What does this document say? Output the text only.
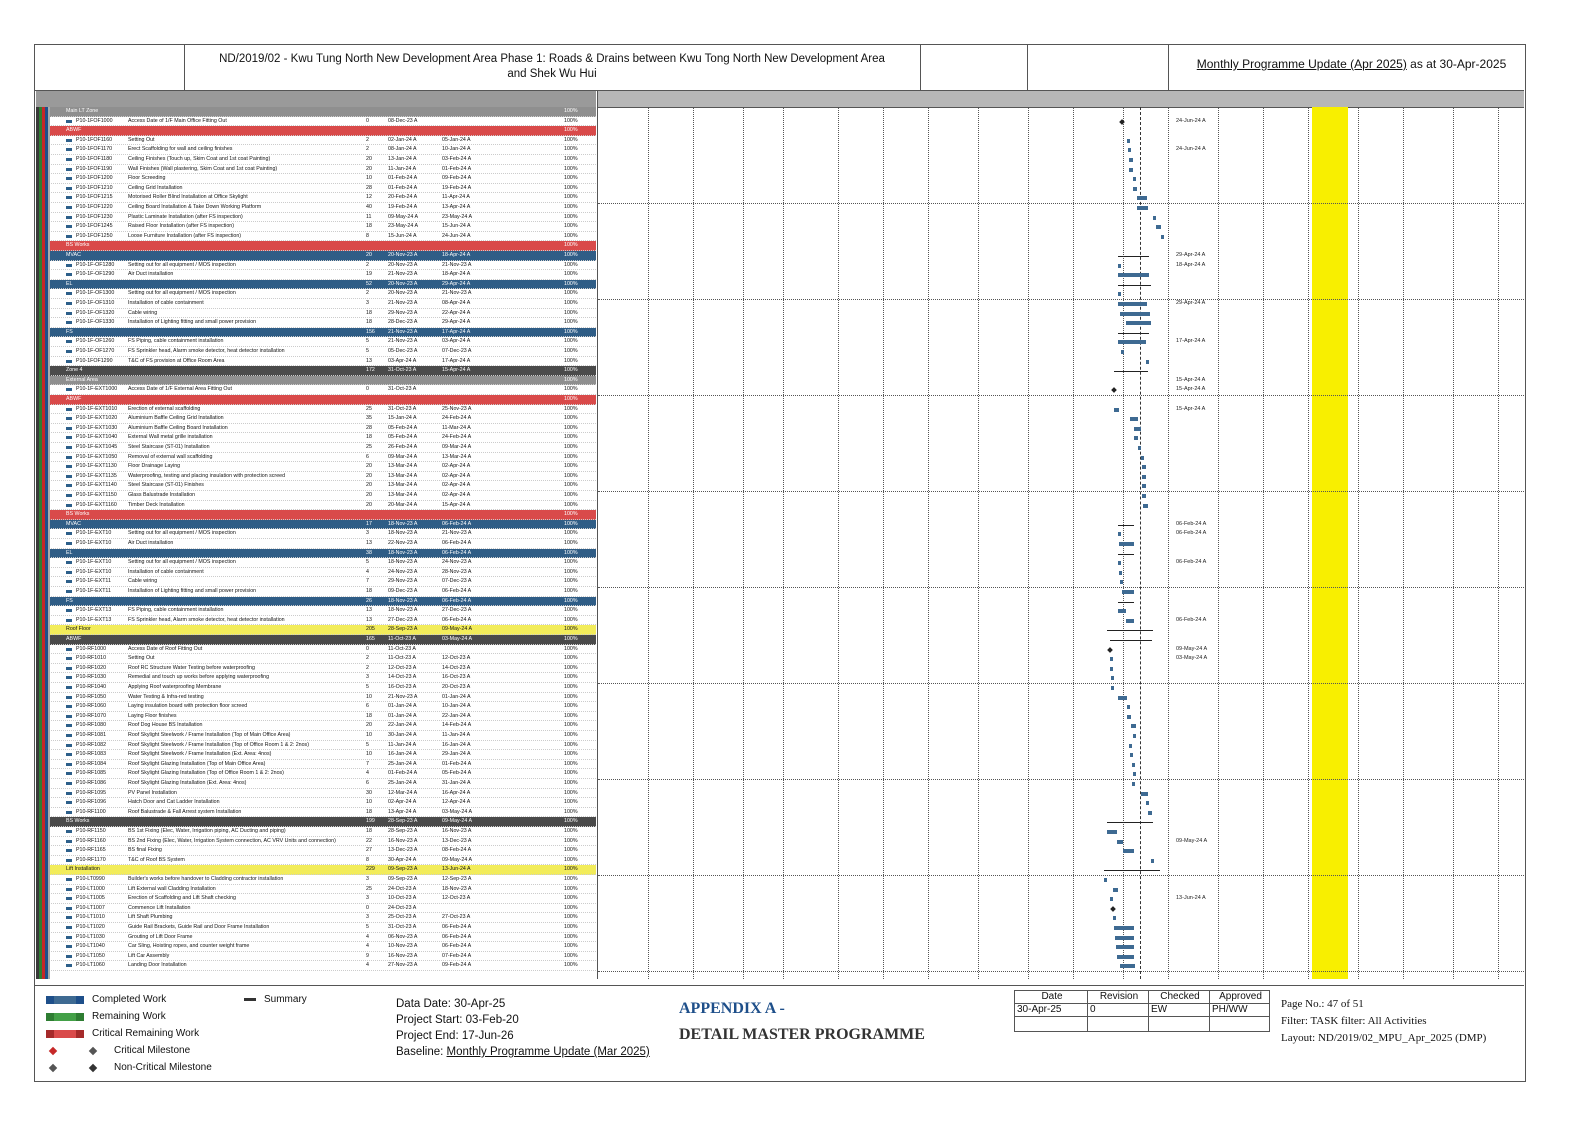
ND/2019/02 - Kwu Tung North New Development Area Phase 1: Roads & Drains between Kwu Tong North New Development Area
and Shek Wu Hui
Monthly Programme Update (Apr 2025) as at 30-Apr-2025
Main LT Zone	100%
P10-1FOF1000	Access Date of 1/F Main Office Fitting Out	0	08-Dec-23 A	100%
ABWF	100%
P10-1FOF1160	Setting Out	2	02-Jan-24 A	05-Jan-24 A	100%
P10-1FOF1170	Erect Scaffolding for wall and ceiling finishes	2	08-Jan-24 A	10-Jan-24 A	100%
P10-1FOF1180	Ceiling Finishes (Touch up, Skim Coat and 1st coat Painting)	20	13-Jan-24 A	03-Feb-24 A	100%
P10-1FOF1190	Wall Finishes (Wall plastering, Skim Coat and 1st coat Painting)	20	11-Jan-24 A	01-Feb-24 A	100%
P10-1FOF1200	Floor Screeding	10	01-Feb-24 A	09-Feb-24 A	100%
P10-1FOF1210	Ceiling Grid Installation	28	01-Feb-24 A	19-Feb-24 A	100%
P10-1FOF1215	Motorised Roller Blind Installation at Office Skylight	12	20-Feb-24 A	11-Apr-24 A	100%
P10-1FOF1220	Ceiling Board Installation & Take Down Working Platform	40	19-Feb-24 A	13-Apr-24 A	100%
P10-1FOF1230	Plastic Laminate Installation (after FS inspection)	11	09-May-24 A	23-May-24 A	100%
P10-1FOF1245	Raised Floor Installation (after FS inspection)	18	23-May-24 A	15-Jun-24 A	100%
P10-1FOF1250	Loose Furniture Installation (after FS inspection)	8	15-Jun-24 A	24-Jun-24 A	100%
BS Works	100%
MVAC	20	20-Nov-23 A	18-Apr-24 A	100%
P10-1F-OF1280	Setting out for all equipment / MOS inspection	2	20-Nov-23 A	21-Nov-23 A	100%
P10-1F-OF1290	Air Duct installation	19	21-Nov-23 A	18-Apr-24 A	100%
EL	52	20-Nov-23 A	29-Apr-24 A	100%
P10-1F-OF1300	Setting out for all equipment / MOS inspection	2	20-Nov-23 A	21-Nov-23 A	100%
P10-1F-OF1310	Installation of cable containment	3	21-Nov-23 A	08-Apr-24 A	100%
P10-1F-OF1320	Cable wiring	18	29-Nov-23 A	22-Apr-24 A	100%
P10-1F-OF1330	Installation of Lighting fitting and small power provision	18	28-Dec-23 A	29-Apr-24 A	100%
FS	156 21-Nov-23 A	17-Apr-24 A	100%
P10-1F-OF1260	FS Piping, cable containment installation	5	21-Nov-23 A	03-Apr-24 A	100%
P10-1F-OF1270	FS Sprinkler head, Alarm smoke detector, heat detector installation	5	05-Dec-23 A	07-Dec-23 A	100%
P10-1FOF1290	T&C of FS provision at Office Room Area	13	03-Apr-24 A	17-Apr-24 A	100%
Zone 4	172 31-Oct-23 A	15-Apr-24 A	100%
External Area	100%
P10-1F-EXT1000 Access Date of 1/F External Area Fitting Out	0	31-Oct-23 A	100%
ABWF	100%
P10-1F-EXT1010 Erection of external scaffolding	25	31-Oct-23 A	25-Nov-23 A	100%
P10-1F-EXT1020 Aluminium Baffle Ceiling Grid Installation	35	15-Jan-24 A	24-Feb-24 A	100%
P10-1F-EXT1030 Aluminium Baffle Ceiling Board Installation	28	05-Feb-24 A	11-Mar-24 A	100%
P10-1F-EXT1040 External Wall metal grille installation	18	05-Feb-24 A	24-Feb-24 A	100%
P10-1F-EXT1045 Steel Staircase (ST-01) Installation	25	26-Feb-24 A	09-Mar-24 A	100%
P10-1F-EXT1050 Removal of external wall scaffolding	6	09-Mar-24 A	13-Mar-24 A	100%
P10-1F-EXT1130 Floor Drainage Laying	20	13-Mar-24 A	02-Apr-24 A	100%
P10-1F-EXT1135 Waterproofing, testing and placing insulation with protection screed	20	13-Mar-24 A	02-Apr-24 A	100%
P10-1F-EXT1140 Steel Staircase (ST-01) Finishes	20	13-Mar-24 A	02-Apr-24 A	100%
P10-1F-EXT1150 Glass Balustrade Installation	20	13-Mar-24 A	02-Apr-24 A	100%
P10-1F-EXT1160 Timber Deck Installation	20	20-Mar-24 A	15-Apr-24 A	100%
BS Works	100%
MVAC	17	18-Nov-23 A	06-Feb-24 A	100%
P10-1F-EXT10	Setting out for all equipment / MOS inspection	3	18-Nov-23 A	21-Nov-23 A	100%
P10-1F-EXT10	Air Duct installation	13	22-Nov-23 A	06-Feb-24 A	100%
EL	38	18-Nov-23 A	06-Feb-24 A	100%
P10-1F-EXT10	Setting out for all equipment / MOS inspection	5	18-Nov-23 A	24-Nov-23 A	100%
P10-1F-EXT10	Installation of cable containment	4	24-Nov-23 A	28-Nov-23 A	100%
P10-1F-EXT11	Cable wiring	7	29-Nov-23 A	07-Dec-23 A	100%
P10-1F-EXT11	Installation of Lighting fitting and small power provision	18	09-Dec-23 A	06-Feb-24 A	100%
FS	26	18-Nov-23 A	06-Feb-24 A	100%
P10-1F-EXT13	FS Piping, cable containment installation	13	18-Nov-23 A	27-Dec-23 A	100%
P10-1F-EXT13	FS Sprinkler head, Alarm smoke detector, heat detector installation	13	27-Dec-23 A	06-Feb-24 A	100%
Roof Floor	205 28-Sep-23 A	09-May-24 A	100%
ABWF	165 11-Oct-23 A	03-May-24 A	100%
P10-RF1000	Access Date of Roof Fitting Out	0	11-Oct-23 A	100%
P10-RF1010	Setting Out	2	11-Oct-23 A	12-Oct-23 A	100%
P10-RF1020	Roof RC Structure Water Testing before waterproofing	2	12-Oct-23 A	14-Oct-23 A	100%
P10-RF1030	Remedial and touch up works before applying waterproofing	3	14-Oct-23 A	16-Oct-23 A	100%
P10-RF1040	Applying Roof waterproofing Membrane	5	16-Oct-23 A	20-Oct-23 A	100%
P10-RF1050	Water Testing & Infra-red testing	10	21-Nov-23 A	01-Jan-24 A	100%
P10-RF1060	Laying insulation board with protection floor screed	6	01-Jan-24 A	10-Jan-24 A	100%
P10-RF1070	Laying Floor finishes	18	01-Jan-24 A	22-Jan-24 A	100%
P10-RF1080	Roof Dog House BS Installation	20	22-Jan-24 A	14-Feb-24 A	100%
P10-RF1081	Roof Skylight Steelwork / Frame Installation (Top of Main Office Area)	10	30-Jan-24 A	11-Jan-24 A	100%
P10-RF1082	Roof Skylight Steelwork / Frame Installation (Top of Office Room 1 & 2: 2nos)	5	11-Jan-24 A	16-Jan-24 A	100%
P10-RF1083	Roof Skylight Steelwork / Frame Installation (Ext. Area: 4nos)	10	16-Jan-24 A	29-Jan-24 A	100%
P10-RF1084	Roof Skylight Glazing Installation (Top of Main Office Area)	7	25-Jan-24 A	01-Feb-24 A	100%
P10-RF1085	Roof Skylight Glazing Installation (Top of Office Room 1 & 2: 2nos)	4	01-Feb-24 A	05-Feb-24 A	100%
P10-RF1086	Roof Skylight Glazing Installation (Ext. Area: 4nos)	6	25-Jan-24 A	31-Jan-24 A	100%
P10-RF1095	PV Panel Installation	30	12-Mar-24 A	16-Apr-24 A	100%
P10-RF1096	Hatch Door and Cat Ladder Installation	10	02-Apr-24 A	12-Apr-24 A	100%
P10-RF1100	Roof Balustrade & Fall Arrest system Installation	18	13-Apr-24 A	03-May-24 A	100%
BS Works	199 28-Sep-23 A	09-May-24 A	100%
P10-RF1150	BS 1st Fixing (Elec, Water, Irrigation piping, AC Ducting and piping)	18	28-Sep-23 A	16-Nov-23 A	100%
P10-RF1160	BS 2nd Fixing (Elec, Water, Irrigation System connection, AC VRV Units and connection)	22	16-Nov-23 A	13-Dec-23 A	100%
P10-RF1165	BS final Fixing	27	13-Dec-23 A	08-Feb-24 A	100%
P10-RF1170	T&C of Roof BS System	8	30-Apr-24 A	09-May-24 A	100%
Lift Installation	229 09-Sep-23 A	13-Jun-24 A	100%
P10-LT0990	Builder's works before handover to Cladding contractor installation	3	09-Sep-23 A	12-Sep-23 A	100%
P10-LT1000	Lift External wall Cladding Installation	25	24-Oct-23 A	18-Nov-23 A	100%
P10-LT1005	Erection of Scaffolding and Lift Shaft checking	3	10-Oct-23 A	12-Oct-23 A	100%
P10-LT1007	Commence Lift Installation	0	24-Oct-23 A	100%
P10-LT1010	Lift Shaft Plumbing	3	25-Oct-23 A	27-Oct-23 A	100%
P10-LT1020	Guide Rail Brackets, Guide Rail and Door Frame Installation	5	31-Oct-23 A	06-Feb-24 A	100%
P10-LT1030	Grouting of Lift Door Frame	4	06-Nov-23 A	06-Feb-24 A	100%
P10-LT1040	Car Sling, Hoisting ropes, and counter weight frame	4	10-Nov-23 A	06-Feb-24 A	100%
P10-LT1050	Lift Car Assembly	9	16-Nov-23 A	07-Feb-24 A	100%
P10-LT1060	Landing Door Installation	4	27-Nov-23 A	09-Feb-24 A	100%
24-Jun-24 A
24-Jun-24 A
29-Apr-24 A
18-Apr-24 A
29-Apr-24 A
17-Apr-24 A
15-Apr-24 A
15-Apr-24 A
15-Apr-24 A
06-Feb-24 A
06-Feb-24 A
06-Feb-24 A
06-Feb-24 A
09-May-24 A
03-May-24 A
09-May-24 A
13-Jun-24 A
Completed Work
Remaining Work
Critical Remaining Work
Critical Milestone
Non-Critical Milestone
Summary	Data Date: 30-Apr-25
Project Start: 03-Feb-20
Project End: 17-Jun-26
Baseline: Monthly Programme Update (Mar 2025)
APPENDIX A -
DETAIL MASTER PROGRAMME
Date	Revision	Checked	Approved
30-Apr-25	0	EW	PH/WW	Page No.: 47 of 51
Filter: TASK filter: All Activities
Layout: ND/2019/02_MPU_Apr_2025 (DMP)
